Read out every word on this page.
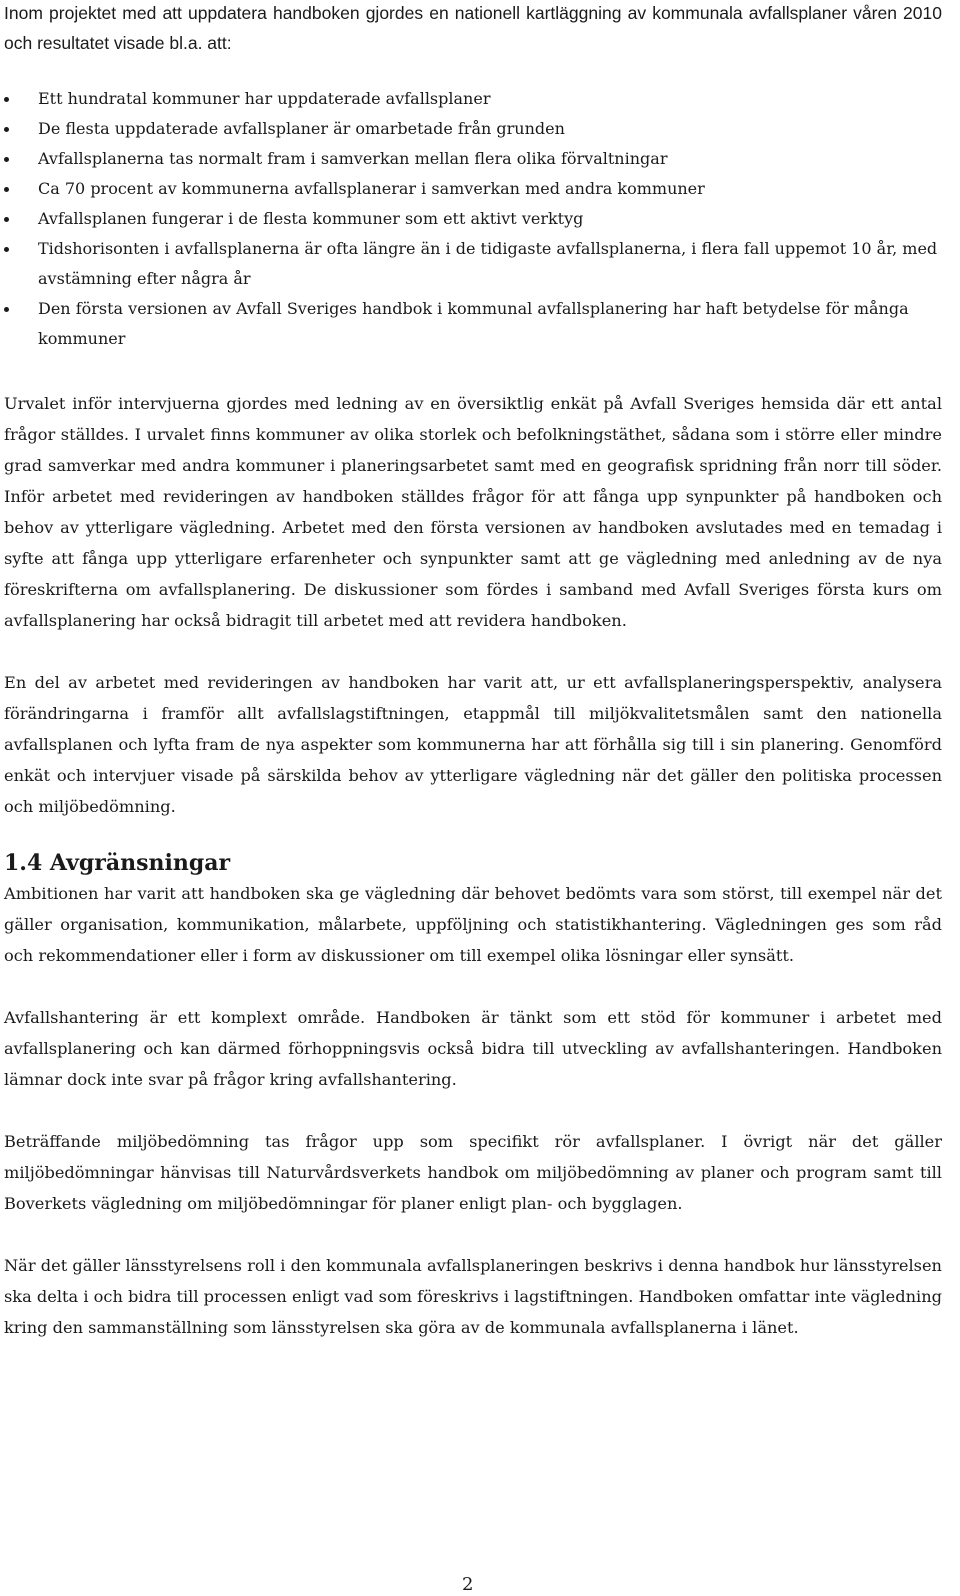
Inom projektet med att uppdatera handboken gjordes en nationell kartläggning av kommunala avfallsplaner våren 2010 och resultatet visade bl.a. att:

Ett hundratal kommuner har uppdaterade avfallsplaner
De flesta uppdaterade avfallsplaner är omarbetade från grunden
Avfallsplanerna tas normalt fram i samverkan mellan flera olika förvaltningar
Ca 70 procent av kommunerna avfallsplanerar i samverkan med andra kommuner
Avfallsplanen fungerar i de flesta kommuner som ett aktivt verktyg
Tidshorisonten i avfallsplanerna är ofta längre än i de tidigaste avfallsplanerna, i flera fall uppemot 10 år, med avstämning efter några år
Den första versionen av Avfall Sveriges handbok i kommunal avfallsplanering har haft betydelse för många kommuner

Urvalet inför intervjuerna gjordes med ledning av en översiktlig enkät på Avfall Sveriges hemsida där ett antal frågor ställdes. I urvalet finns kommuner av olika storlek och befolkningstäthet, sådana som i större eller mindre grad samverkar med andra kommuner i planeringsarbetet samt med en geografisk spridning från norr till söder. Inför arbetet med revideringen av handboken ställdes frågor för att fånga upp synpunkter på handboken och behov av ytterligare vägledning. Arbetet med den första versionen av handboken avslutades med en temadag i syfte att fånga upp ytterligare erfarenheter och synpunkter samt att ge vägledning med anledning av de nya föreskrifterna om avfallsplanering. De diskussioner som fördes i samband med Avfall Sveriges första kurs om avfallsplanering har också bidragit till arbetet med att revidera handboken.

En del av arbetet med revideringen av handboken har varit att, ur ett avfallsplaneringsperspektiv, analysera förändringarna i framför allt avfallslagstiftningen, etappmål till miljökvalitetsmålen samt den nationella avfallsplanen och lyfta fram de nya aspekter som kommunerna har att förhålla sig till i sin planering. Genomförd enkät och intervjuer visade på särskilda behov av ytterligare vägledning när det gäller den politiska processen och miljöbedömning.

1.4 Avgränsningar

Ambitionen har varit att handboken ska ge vägledning där behovet bedömts vara som störst, till exempel när det gäller organisation, kommunikation, målarbete, uppföljning och statistikhantering. Vägledningen ges som råd och rekommendationer eller i form av diskussioner om till exempel olika lösningar eller synsätt.

Avfallshantering är ett komplext område. Handboken är tänkt som ett stöd för kommuner i arbetet med avfallsplanering och kan därmed förhoppningsvis också bidra till utveckling av avfallshanteringen. Handboken lämnar dock inte svar på frågor kring avfallshantering.

Beträffande miljöbedömning tas frågor upp som specifikt rör avfallsplaner. I övrigt när det gäller miljöbedömningar hänvisas till Naturvårdsverkets handbok om miljöbedömning av planer och program samt till Boverkets vägledning om miljöbedömningar för planer enligt plan- och bygglagen.

När det gäller länsstyrelsens roll i den kommunala avfallsplaneringen beskrivs i denna handbok hur länsstyrelsen ska delta i och bidra till processen enligt vad som föreskrivs i lagstiftningen. Handboken omfattar inte vägledning kring den sammanställning som länsstyrelsen ska göra av de kommunala avfallsplanerna i länet.

2
